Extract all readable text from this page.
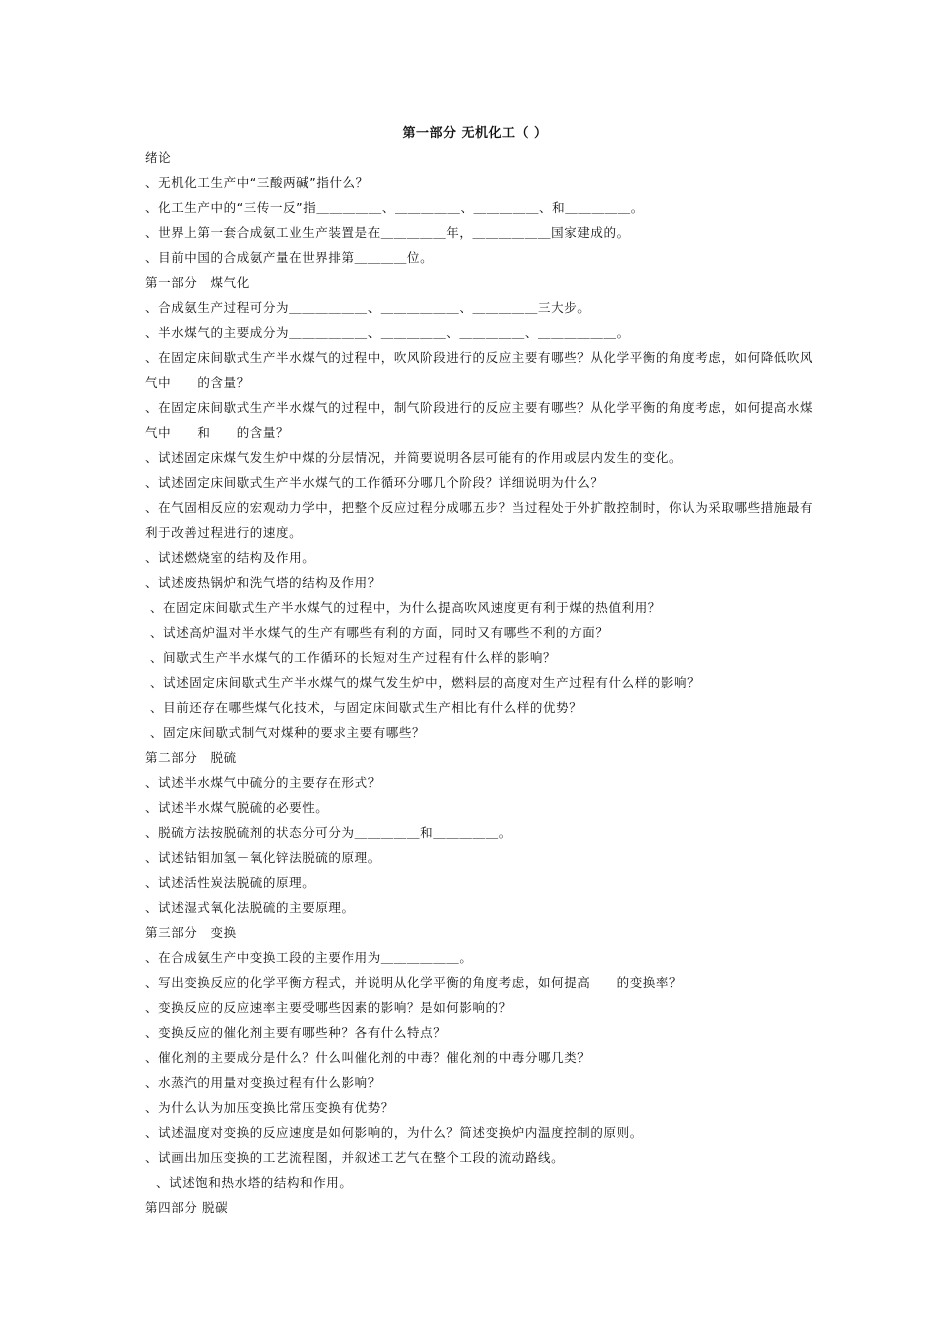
第一部分 无机化工（ ）
绪论
、无机化工生产中“三酸两碱”指什么？
、化工生产中的“三传一反”指＿＿＿＿＿、＿＿＿＿＿、＿＿＿＿＿、和＿＿＿＿＿。
、世界上第一套合成氨工业生产装置是在＿＿＿＿＿年，＿＿＿＿＿＿国家建成的。
、目前中国的合成氨产量在世界排第＿＿＿＿位。
第一部分　煤气化
、合成氨生产过程可分为＿＿＿＿＿＿、＿＿＿＿＿＿、＿＿＿＿＿三大步。
、半水煤气的主要成分为＿＿＿＿＿＿、＿＿＿＿＿、＿＿＿＿＿、＿＿＿＿＿＿。
、在固定床间歇式生产半水煤气的过程中，吹风阶段进行的反应主要有哪些？从化学平衡的角度考虑，如何降低吹风气中　　的含量？
、在固定床间歇式生产半水煤气的过程中，制气阶段进行的反应主要有哪些？从化学平衡的角度考虑，如何提高水煤气中　　和　　的含量？
、试述固定床煤气发生炉中煤的分层情况，并简要说明各层可能有的作用或层内发生的变化。
、试述固定床间歇式生产半水煤气的工作循环分哪几个阶段？详细说明为什么？
、在气固相反应的宏观动力学中，把整个反应过程分成哪五步？当过程处于外扩散控制时，你认为采取哪些措施最有利于改善过程进行的速度。
、试述燃烧室的结构及作用。
、试述废热锅炉和洗气塔的结构及作用？
、在固定床间歇式生产半水煤气的过程中，为什么提高吹风速度更有利于煤的热值利用？
、试述高炉温对半水煤气的生产有哪些有利的方面，同时又有哪些不利的方面？
、间歇式生产半水煤气的工作循环的长短对生产过程有什么样的影响？
、试述固定床间歇式生产半水煤气的煤气发生炉中，燃料层的高度对生产过程有什么样的影响？
、目前还存在哪些煤气化技术，与固定床间歇式生产相比有什么样的优势？
、固定床间歇式制气对煤种的要求主要有哪些？
第二部分　脱硫
、试述半水煤气中硫分的主要存在形式？
、试述半水煤气脱硫的必要性。
、脱硫方法按脱硫剂的状态分可分为＿＿＿＿＿和＿＿＿＿＿。
、试述钴钼加氢－氧化锌法脱硫的原理。
、试述活性炭法脱硫的原理。
、试述湿式氧化法脱硫的主要原理。
第三部分　变换
、在合成氨生产中变换工段的主要作用为＿＿＿＿＿＿。
、写出变换反应的化学平衡方程式，并说明从化学平衡的角度考虑，如何提高　　的变换率？
、变换反应的反应速率主要受哪些因素的影响？是如何影响的？
、变换反应的催化剂主要有哪些种？各有什么特点？
、催化剂的主要成分是什么？什么叫催化剂的中毒？催化剂的中毒分哪几类？
、水蒸汽的用量对变换过程有什么影响？
、为什么认为加压变换比常压变换有优势？
、试述温度对变换的反应速度是如何影响的，为什么？简述变换炉内温度控制的原则。
、试画出加压变换的工艺流程图，并叙述工艺气在整个工段的流动路线。
、试述饱和热水塔的结构和作用。
第四部分 脱碳
